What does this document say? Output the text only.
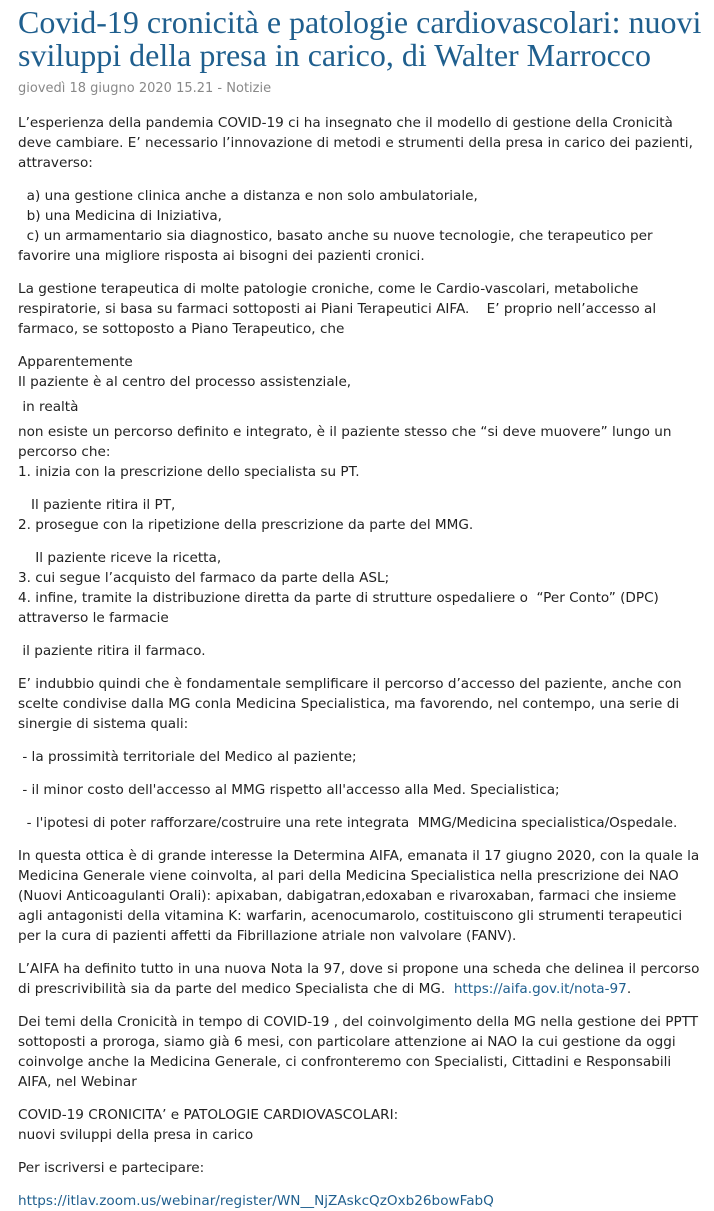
Covid-19 cronicità e patologie cardiovascolari: nuovi sviluppi della presa in carico, di Walter Marrocco
giovedì 18 giugno 2020 15.21 - Notizie

L’esperienza della pandemia COVID-19 ci ha insegnato che il modello di gestione della Cronicità deve cambiare. E’ necessario l’innovazione di metodi e strumenti della presa in carico dei pazienti, attraverso:

a) una gestione clinica anche a distanza e non solo ambulatoriale,
b) una Medicina di Iniziativa,
c) un armamentario sia diagnostico, basato anche su nuove tecnologie, che terapeutico per favorire una migliore risposta ai bisogni dei pazienti cronici.

La gestione terapeutica di molte patologie croniche, come le Cardio-vascolari, metaboliche respiratorie, si basa su farmaci sottoposti ai Piani Terapeutici AIFA.    E’ proprio nell’accesso al farmaco, se sottoposto a Piano Terapeutico, che

Apparentemente
Il paziente è al centro del processo assistenziale,

in realtà

non esiste un percorso definito e integrato, è il paziente stesso che “si deve muovere” lungo un percorso che:
1. inizia con la prescrizione dello specialista su PT.

Il paziente ritira il PT,
2. prosegue con la ripetizione della prescrizione da parte del MMG.

Il paziente riceve la ricetta,
3. cui segue l’acquisto del farmaco da parte della ASL;
4. infine, tramite la distribuzione diretta da parte di strutture ospedaliere o  “Per Conto” (DPC) attraverso le farmacie

il paziente ritira il farmaco.

E’ indubbio quindi che è fondamentale semplificare il percorso d’accesso del paziente, anche con scelte condivise dalla MG conla Medicina Specialistica, ma favorendo, nel contempo, una serie di sinergie di sistema quali:

- la prossimità territoriale del Medico al paziente;

- il minor costo dell'accesso al MMG rispetto all'accesso alla Med. Specialistica;

- l'ipotesi di poter rafforzare/costruire una rete integrata  MMG/Medicina specialistica/Ospedale.

In questa ottica è di grande interesse la Determina AIFA, emanata il 17 giugno 2020, con la quale la Medicina Generale viene coinvolta, al pari della Medicina Specialistica nella prescrizione dei NAO (Nuovi Anticoagulanti Orali): apixaban, dabigatran,edoxaban e rivaroxaban, farmaci che insieme agli antagonisti della vitamina K: warfarin, acenocumarolo, costituiscono gli strumenti terapeutici per la cura di pazienti affetti da Fibrillazione atriale non valvolare (FANV).

L’AIFA ha definito tutto in una nuova Nota la 97, dove si propone una scheda che delinea il percorso di prescrivibilità sia da parte del medico Specialista che di MG.  https://aifa.gov.it/nota-97.

Dei temi della Cronicità in tempo di COVID-19 , del coinvolgimento della MG nella gestione dei PPTT sottoposti a proroga, siamo già 6 mesi, con particolare attenzione ai NAO la cui gestione da oggi coinvolge anche la Medicina Generale, ci confronteremo con Specialisti, Cittadini e Responsabili AIFA, nel Webinar

COVID-19 CRONICITA’ e PATOLOGIE CARDIOVASCOLARI:
nuovi sviluppi della presa in carico

Per iscriversi e partecipare:

https://itlav.zoom.us/webinar/register/WN__NjZAskcQzOxb26bowFabQ
